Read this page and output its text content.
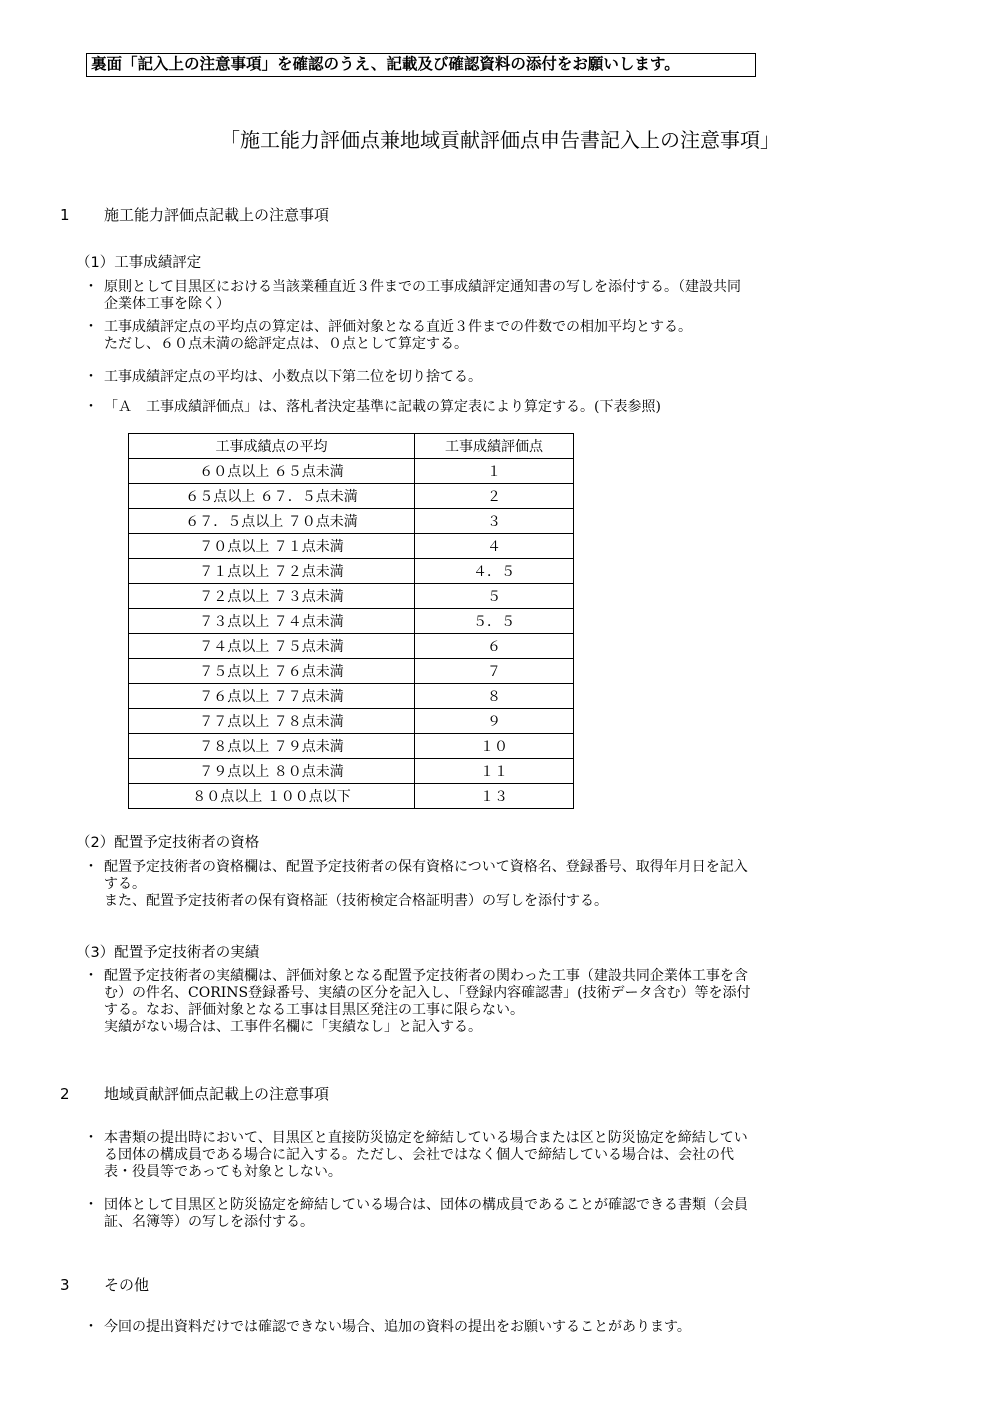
裏面「記入上の注意事項」を確認のうえ、記載及び確認資料の添付をお願いします。
「施工能力評価点兼地域貢献評価点申告書記入上の注意事項」
1 施工能力評価点記載上の注意事項
（1）工事成績評定
・ 原則として目黒区における当該業種直近３件までの工事成績評定通知書の写しを添付する。（建設共同
企業体工事を除く）
・ 工事成績評定点の平均点の算定は、評価対象となる直近３件までの件数での相加平均とする。
ただし、６０点未満の総評定点は、０点として算定する。
・ 工事成績評定点の平均は、小数点以下第二位を切り捨てる。
・ 「Ａ　工事成績評価点」は、落札者決定基準に記載の算定表により算定する。(下表参照)
工事成績点の平均	工事成績評価点
６０点以上 ６５点未満	１
６５点以上 ６７．５点未満	２
６７．５点以上 ７０点未満	３
７０点以上 ７１点未満	４
７１点以上 ７２点未満	４．５
７２点以上 ７３点未満	５
７３点以上 ７４点未満	５．５
７４点以上 ７５点未満	６
７５点以上 ７６点未満	７
７６点以上 ７７点未満	８
７７点以上 ７８点未満	９
７８点以上 ７９点未満	１０
７９点以上 ８０点未満	１１
８０点以上 １００点以下	１３
（2）配置予定技術者の資格
・ 配置予定技術者の資格欄は、配置予定技術者の保有資格について資格名、登録番号、取得年月日を記入
する。
また、配置予定技術者の保有資格証（技術検定合格証明書）の写しを添付する。
（3）配置予定技術者の実績
・ 配置予定技術者の実績欄は、評価対象となる配置予定技術者の関わった工事（建設共同企業体工事を含
む）の件名、CORINS登録番号、実績の区分を記入し、「登録内容確認書」(技術データ含む）等を添付
する。なお、評価対象となる工事は目黒区発注の工事に限らない。
実績がない場合は、工事件名欄に「実績なし」と記入する。
2 地域貢献評価点記載上の注意事項
・ 本書類の提出時において、目黒区と直接防災協定を締結している場合または区と防災協定を締結してい
る団体の構成員である場合に記入する。ただし、会社ではなく個人で締結している場合は、会社の代
表・役員等であっても対象としない。
・ 団体として目黒区と防災協定を締結している場合は、団体の構成員であることが確認できる書類（会員
証、名簿等）の写しを添付する。
3 その他
・ 今回の提出資料だけでは確認できない場合、追加の資料の提出をお願いすることがあります。
